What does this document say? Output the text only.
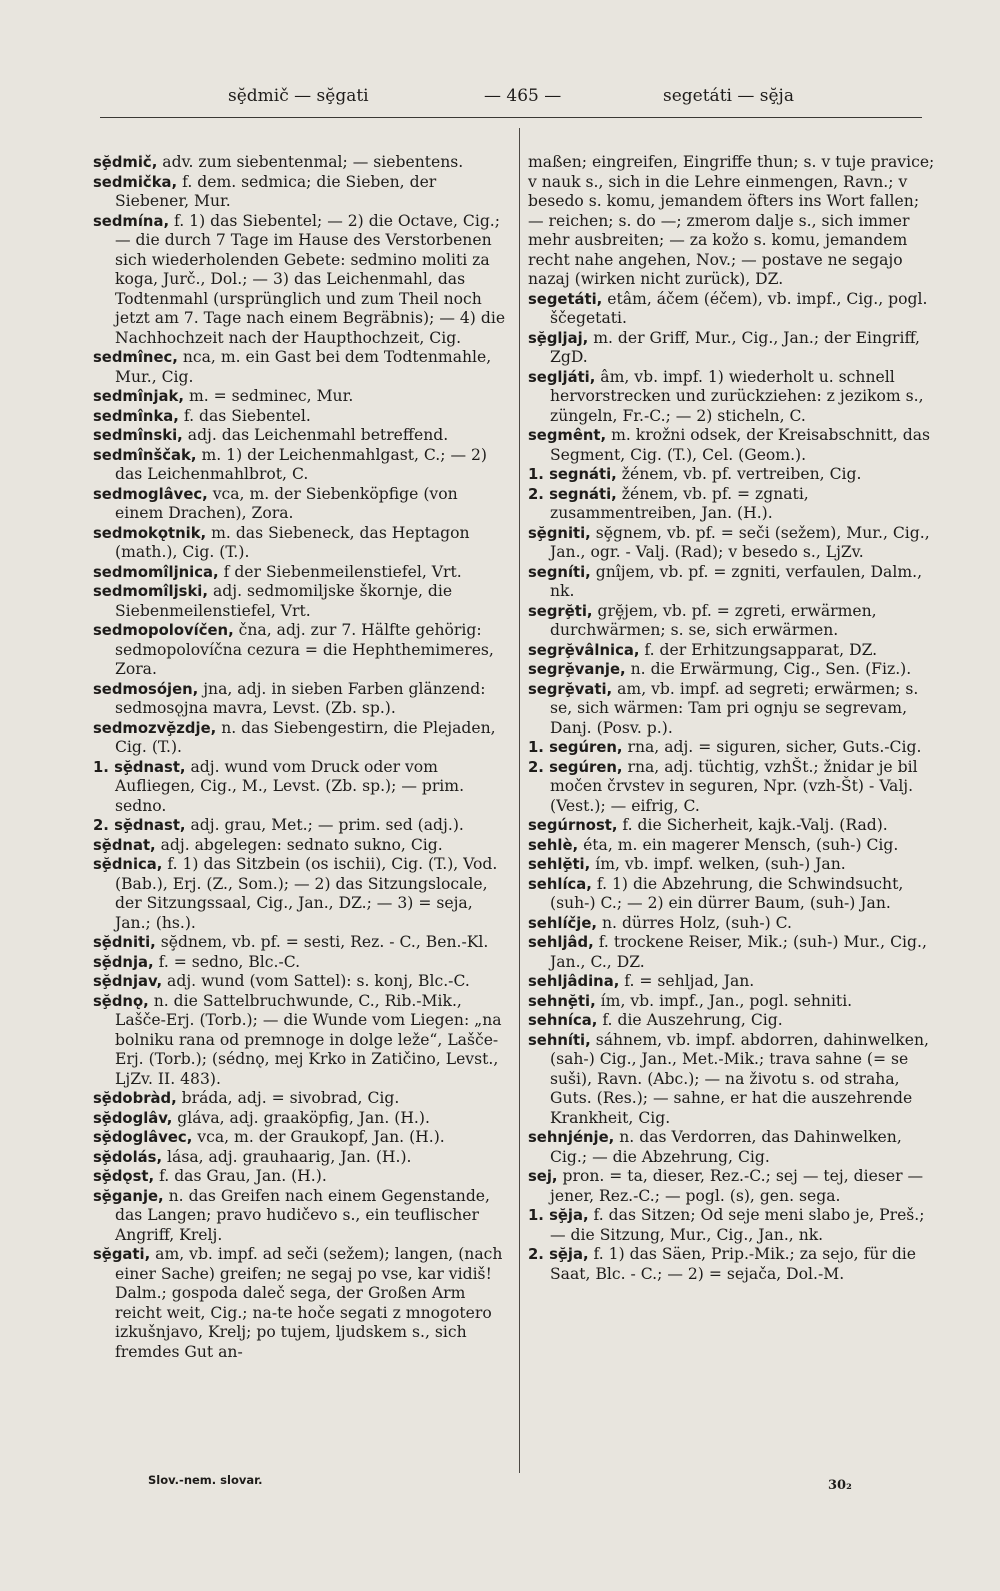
sḝdmič — sḝgati	— 465 —	segetáti — sḝja

sḝdmič, adv. zum siebentenmal; — siebentens.

sedmičkа, f. dem. sedmica; die Sieben, der Siebener, Mur.

sedmína, f. 1) das Siebentel; — 2) die Octave, Cig.; — die durch 7 Tage im Hause des Verstorbenen sich wiederholenden Gebete: sedmino moliti za koga, Jurč., Dol.; — 3) das Leichenmahl, das Todtenmahl (ursprünglich und zum Theil noch jetzt am 7. Tage nach einem Begräbnis); — 4) die Nachhochzeit nach der Haupthochzeit, Cig.

sedmînec, nca, m. ein Gast bei dem Todtenmahle, Mur., Cig.

sedmînjak, m. = sedminec, Mur.

sedmînka, f. das Siebentel.

sedmînski, adj. das Leichenmahl betreffend.

sedmînščak, m. 1) der Leichenmahlgast, C.; — 2) das Leichenmahlbrot, C.

sedmoglâvec, vca, m. der Siebenköpfige (von einem Drachen), Zora.

sedmokǫtnik, m. das Siebeneck, das Heptagon (math.), Cig. (T.).

sedmomîljnica, f der Siebenmeilenstiefel, Vrt.

sedmomîljski, adj. sedmomiljske škornje, die Siebenmeilenstiefel, Vrt.

sedmopolovíčen, čna, adj. zur 7. Hälfte gehörig: sedmopolovíčna cezura = die Hephthemimeres, Zora.

sedmosójen, jna, adj. in sieben Farben glänzend: sedmosǫjna mavra, Levst. (Zb. sp.).

sedmozvḝzdje, n. das Siebengestirn, die Plejaden, Cig. (T.).

1. sḝdnast, adj. wund vom Druck oder vom Aufliegen, Cig., M., Levst. (Zb. sp.); — prim. sedno.

2. sḝdnast, adj. grau, Met.; — prim. sed (adj.).

sḝdnat, adj. abgelegen: sednato sukno, Cig.

sḝdnica, f. 1) das Sitzbein (os ischii), Cig. (T.), Vod. (Bab.), Erj. (Z., Som.); — 2) das Sitzungslocale, der Sitzungssaal, Cig., Jan., DZ.; — 3) = seja, Jan.; (hs.).

sḝdniti, sḝdnem, vb. pf. = sesti, Rez. - C., Ben.-Kl.

sḝdnja, f. = sedno, Blc.-C.

sḝdnjav, adj. wund (vom Sattel): s. konj, Blc.-C.

sḝdnǫ, n. die Sattelbruchwunde, C., Rib.-Mik., Lašče-Erj. (Torb.); — die Wunde vom Liegen: „na bolniku rana od premnoge in dolge leže“, Lašče-Erj. (Torb.); (sédnǫ, mej Krko in Zatičino, Levst., LjZv. II. 483).

sḝdobràd, bráda, adj. = sivobrad, Cig.

sḝdoglâv, gláva, adj. graaköpfig, Jan. (H.).

sḝdoglâvec, vca, m. der Graukopf, Jan. (H.).

sḝdolás, lása, adj. grauhaarig, Jan. (H.).

sḝdǫst, f. das Grau, Jan. (H.).

sḝganje, n. das Greifen nach einem Gegenstande, das Langen; pravo hudičevo s., ein teuflischer Angriff, Krelj.

sḝgati, am, vb. impf. ad seči (sežem); langen, (nach einer Sache) greifen; ne segaj po vse, kar vidiš! Dalm.; gospoda daleč sega, der Großen Arm reicht weit, Cig.; na-te hoče segati z mnogotero izkušnjavo, Krelj; po tujem, ljudskem s., sich fremdes Gut an-

maßen; eingreifen, Eingriffe thun; s. v tuje pravice; v nauk s., sich in die Lehre einmengen, Ravn.; v besedo s. komu, jemandem öfters ins Wort fallen; — reichen; s. do —; zmerom dalje s., sich immer mehr ausbreiten; — za kožo s. komu, jemandem recht nahe angehen, Nov.; — postave ne segajo nazaj (wirken nicht zurück), DZ.

segetáti, etâm, áčem (éčem), vb. impf., Cig., pogl. ščegetati.

sḝgljaj, m. der Griff, Mur., Cig., Jan.; der Eingriff, ZgD.

segljáti, âm, vb. impf. 1) wiederholt u. schnell hervorstrecken und zurückziehen: z jezikom s., züngeln, Fr.-C.; — 2) sticheln, C.

segmênt, m. krožni odsek, der Kreisabschnitt, das Segment, Cig. (T.), Cel. (Geom.).

1. segnáti, žénem, vb. pf. vertreiben, Cig.

2. segnáti, žénem, vb. pf. = zgnati, zusammentreiben, Jan. (H.).

sḝgniti, sḝgnem, vb. pf. = seči (sežem), Mur., Cig., Jan., ogr. - Valj. (Rad); v besedo s., LjZv.

segníti, gnîjem, vb. pf. = zgniti, verfaulen, Dalm., nk.

segrḝti, grḝjem, vb. pf. = zgreti, erwärmen, durchwärmen; s. se, sich erwärmen.

segrḝvâlnica, f. der Erhitzungsapparat, DZ.

segrḝvanje, n. die Erwärmung, Cig., Sen. (Fiz.).

segrḝvati, am, vb. impf. ad segreti; erwärmen; s. se, sich wärmen: Tam pri ognju se segrevam, Danj. (Posv. p.).

1. segúren, rna, adj. = siguren, sicher, Guts.-Cig.

2. segúren, rna, adj. tüchtig, vzhŠt.; žnidar je bil močen črvstev in seguren, Npr. (vzh-Št) - Valj. (Vest.); — eifrig, C.

segúrnost, f. die Sicherheit, kajk.-Valj. (Rad).

sehlè, éta, m. ein magerer Mensch, (suh-) Cig.

sehlḝti, ím, vb. impf. welken, (suh-) Jan.

sehlíca, f. 1) die Abzehrung, die Schwindsucht, (suh-) C.; — 2) ein dürrer Baum, (suh-) Jan.

sehlíčje, n. dürres Holz, (suh-) C.

sehljâd, f. trockene Reiser, Mik.; (suh-) Mur., Cig., Jan., C., DZ.

sehljâdina, f. = sehljad, Jan.

sehnḝti, ím, vb. impf., Jan., pogl. sehniti.

sehníca, f. die Auszehrung, Cig.

sehníti, sáhnem, vb. impf. abdorren, dahinwelken, (sah-) Cig., Jan., Met.-Mik.; trava sahne (= se suši), Ravn. (Abc.); — na životu s. od straha, Guts. (Res.); — sahne, er hat die auszehrende Krankheit, Cig.

sehnjénje, n. das Verdorren, das Dahinwelken, Cig.; — die Abzehrung, Cig.

sej, pron. = ta, dieser, Rez.-C.; sej — tej, dieser — jener, Rez.-C.; — pogl. (s), gen. sega.

1. sḝja, f. das Sitzen; Od seje meni slabo je, Preš.; — die Sitzung, Mur., Cig., Jan., nk.

2. sḝja, f. 1) das Säen, Prip.-Mik.; za sejo, für die Saat, Blc. - C.; — 2) = sejača, Dol.-M.

Slov.-nem. slovar.	30₂
